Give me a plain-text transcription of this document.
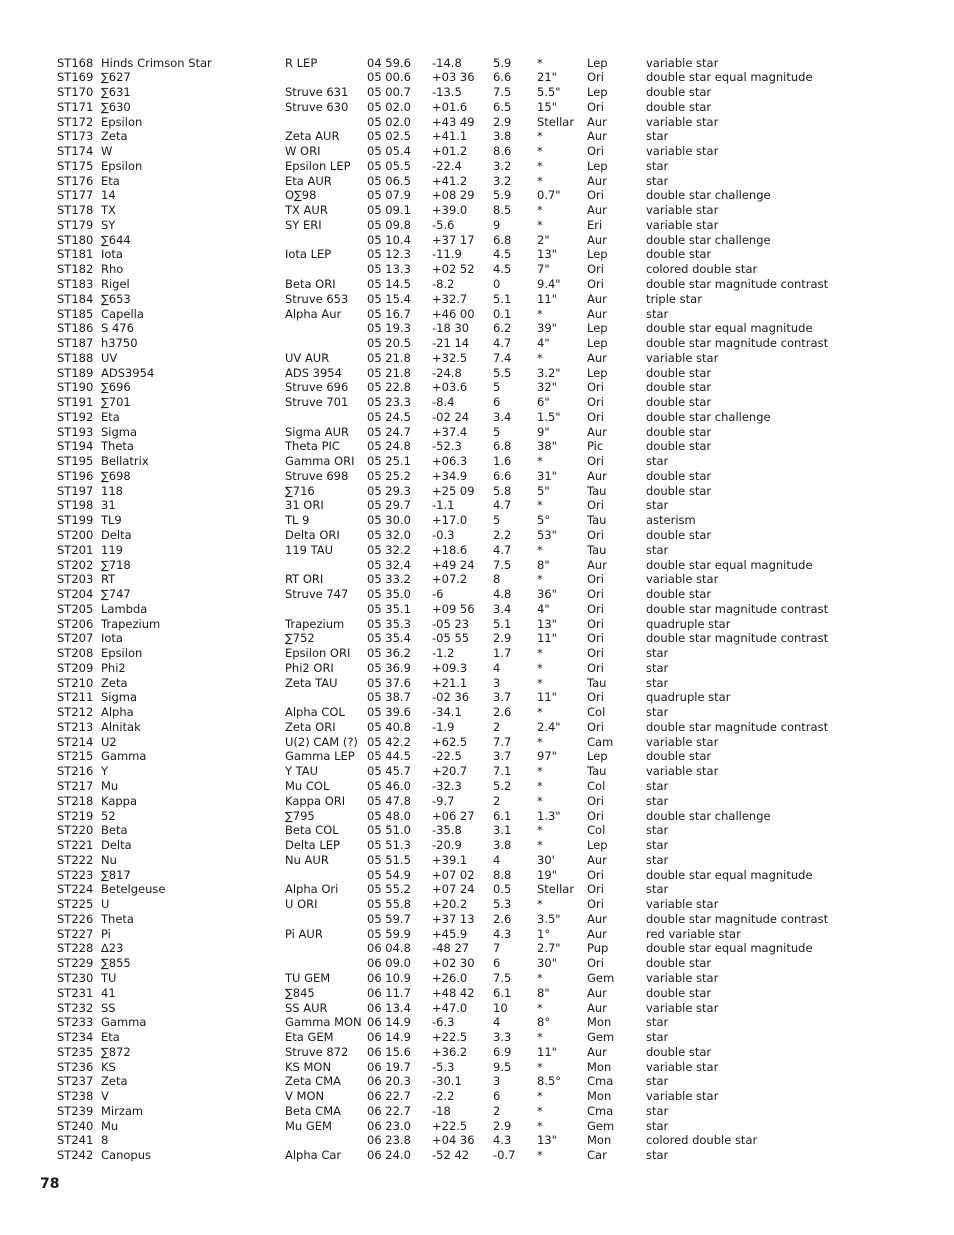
ST168	Hinds Crimson Star	R LEP	04 59.6	-14.8	5.9	*	Lep	variable star
ST169	∑627		05 00.6	+03 36	6.6	21"	Ori	double star equal magnitude
ST170	∑631	Struve 631	05 00.7	-13.5	7.5	5.5"	Lep	double star
ST171	∑630	Struve 630	05 02.0	+01.6	6.5	15"	Ori	double star
ST172	Epsilon		05 02.0	+43 49	2.9	Stellar	Aur	variable star
ST173	Zeta	Zeta AUR	05 02.5	+41.1	3.8	*	Aur	star
ST174	W	W ORI	05 05.4	+01.2	8.6	*	Ori	variable star
ST175	Epsilon	Epsilon LEP	05 05.5	-22.4	3.2	*	Lep	star
ST176	Eta	Eta AUR	05 06.5	+41.2	3.2	*	Aur	star
ST177	14	O∑98	05 07.9	+08 29	5.9	0.7"	Ori	double star challenge
ST178	TX	TX AUR	05 09.1	+39.0	8.5	*	Aur	variable star
ST179	SY	SY ERI	05 09.8	-5.6	9	*	Eri	variable star
ST180	∑644		05 10.4	+37 17	6.8	2"	Aur	double star challenge
ST181	Iota	Iota LEP	05 12.3	-11.9	4.5	13"	Lep	double star
ST182	Rho		05 13.3	+02 52	4.5	7"	Ori	colored double star
ST183	Rigel	Beta ORI	05 14.5	-8.2	0	9.4"	Ori	double star magnitude contrast
ST184	∑653	Struve 653	05 15.4	+32.7	5.1	11"	Aur	triple star
ST185	Capella	Alpha Aur	05 16.7	+46 00	0.1	*	Aur	star
ST186	S 476		05 19.3	-18 30	6.2	39"	Lep	double star equal magnitude
ST187	h3750		05 20.5	-21 14	4.7	4"	Lep	double star magnitude contrast
ST188	UV	UV AUR	05 21.8	+32.5	7.4	*	Aur	variable star
ST189	ADS3954	ADS 3954	05 21.8	-24.8	5.5	3.2"	Lep	double star
ST190	∑696	Struve 696	05 22.8	+03.6	5	32"	Ori	double star
ST191	∑701	Struve 701	05 23.3	-8.4	6	6"	Ori	double star
ST192	Eta		05 24.5	-02 24	3.4	1.5"	Ori	double star challenge
ST193	Sigma	Sigma AUR	05 24.7	+37.4	5	9"	Aur	double star
ST194	Theta	Theta PIC	05 24.8	-52.3	6.8	38"	Pic	double star
ST195	Bellatrix	Gamma ORI	05 25.1	+06.3	1.6	*	Ori	star
ST196	∑698	Struve 698	05 25.2	+34.9	6.6	31"	Aur	double star
ST197	118	∑716	05 29.3	+25 09	5.8	5"	Tau	double star
ST198	31	31 ORI	05 29.7	-1.1	4.7	*	Ori	star
ST199	TL9	TL 9	05 30.0	+17.0	5	5°	Tau	asterism
ST200	Delta	Delta ORI	05 32.0	-0.3	2.2	53"	Ori	double star
ST201	119	119 TAU	05 32.2	+18.6	4.7	*	Tau	star
ST202	∑718		05 32.4	+49 24	7.5	8"	Aur	double star equal magnitude
ST203	RT	RT ORI	05 33.2	+07.2	8	*	Ori	variable star
ST204	∑747	Struve 747	05 35.0	-6	4.8	36"	Ori	double star
ST205	Lambda		05 35.1	+09 56	3.4	4"	Ori	double star magnitude contrast
ST206	Trapezium	Trapezium	05 35.3	-05 23	5.1	13"	Ori	quadruple star
ST207	Iota	∑752	05 35.4	-05 55	2.9	11"	Ori	double star magnitude contrast
ST208	Epsilon	Epsilon ORI	05 36.2	-1.2	1.7	*	Ori	star
ST209	Phi2	Phi2 ORI	05 36.9	+09.3	4	*	Ori	star
ST210	Zeta	Zeta TAU	05 37.6	+21.1	3	*	Tau	star
ST211	Sigma		05 38.7	-02 36	3.7	11"	Ori	quadruple star
ST212	Alpha	Alpha COL	05 39.6	-34.1	2.6	*	Col	star
ST213	Alnitak	Zeta ORI	05 40.8	-1.9	2	2.4"	Ori	double star magnitude contrast
ST214	U2	U(2) CAM (?)	05 42.2	+62.5	7.7	*	Cam	variable star
ST215	Gamma	Gamma LEP	05 44.5	-22.5	3.7	97"	Lep	double star
ST216	Y	Y TAU	05 45.7	+20.7	7.1	*	Tau	variable star
ST217	Mu	Mu COL	05 46.0	-32.3	5.2	*	Col	star
ST218	Kappa	Kappa ORI	05 47.8	-9.7	2	*	Ori	star
ST219	52	∑795	05 48.0	+06 27	6.1	1.3"	Ori	double star challenge
ST220	Beta	Beta COL	05 51.0	-35.8	3.1	*	Col	star
ST221	Delta	Delta LEP	05 51.3	-20.9	3.8	*	Lep	star
ST222	Nu	Nu AUR	05 51.5	+39.1	4	30'	Aur	star
ST223	∑817		05 54.9	+07 02	8.8	19"	Ori	double star equal magnitude
ST224	Betelgeuse	Alpha Ori	05 55.2	+07 24	0.5	Stellar	Ori	star
ST225	U	U ORI	05 55.8	+20.2	5.3	*	Ori	variable star
ST226	Theta		05 59.7	+37 13	2.6	3.5"	Aur	double star magnitude contrast
ST227	Pi	Pi AUR	05 59.9	+45.9	4.3	1°	Aur	red variable star
ST228	∆23		06 04.8	-48 27	7	2.7"	Pup	double star equal magnitude
ST229	∑855		06 09.0	+02 30	6	30"	Ori	double star
ST230	TU	TU GEM	06 10.9	+26.0	7.5	*	Gem	variable star
ST231	41	∑845	06 11.7	+48 42	6.1	8"	Aur	double star
ST232	SS	SS AUR	06 13.4	+47.0	10	*	Aur	variable star
ST233	Gamma	Gamma MON	06 14.9	-6.3	4	8°	Mon	star
ST234	Eta	Eta GEM	06 14.9	+22.5	3.3	*	Gem	star
ST235	∑872	Struve 872	06 15.6	+36.2	6.9	11"	Aur	double star
ST236	KS	KS MON	06 19.7	-5.3	9.5	*	Mon	variable star
ST237	Zeta	Zeta CMA	06 20.3	-30.1	3	8.5°	Cma	star
ST238	V	V MON	06 22.7	-2.2	6	*	Mon	variable star
ST239	Mirzam	Beta CMA	06 22.7	-18	2	*	Cma	star
ST240	Mu	Mu GEM	06 23.0	+22.5	2.9	*	Gem	star
ST241	8		06 23.8	+04 36	4.3	13"	Mon	colored double star
ST242	Canopus	Alpha Car	06 24.0	-52 42	-0.7	*	Car	star
78
